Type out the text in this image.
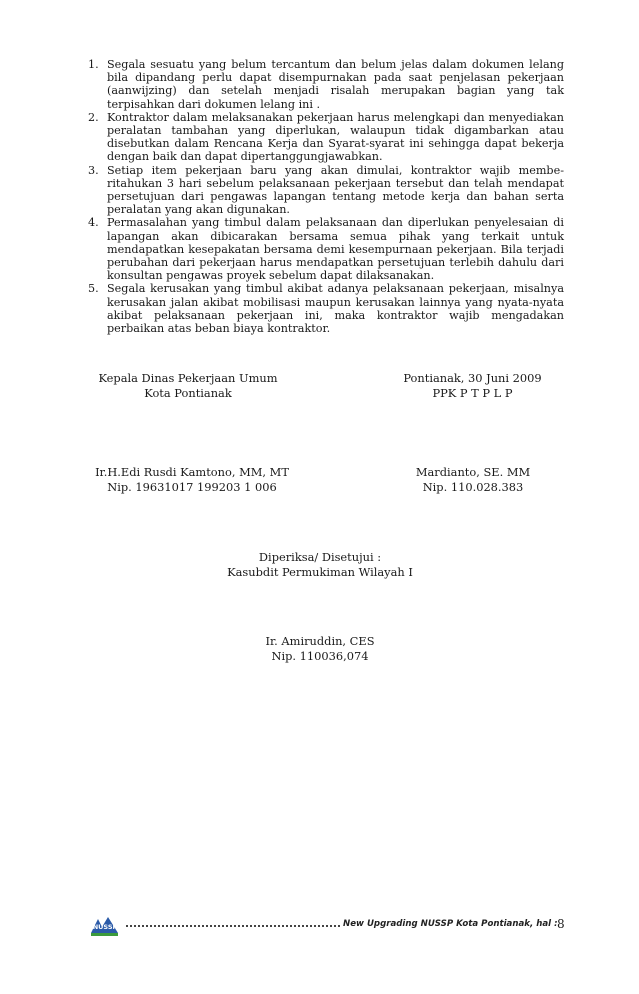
1. Segala sesuatu yang belum tercantum dan belum jelas dalam dokumen lelang bila dipandang perlu dapat disempurnakan pada saat penjelasan pekerjaan (aanwijzing) dan setelah menjadi risalah merupakan bagian yang tak terpisahkan dari dokumen lelang ini .
2. Kontraktor dalam melaksanakan pekerjaan harus melengkapi dan menyediakan peralatan tambahan yang diperlukan, walaupun tidak digambarkan atau disebutkan dalam Rencana Kerja dan Syarat-syarat ini sehingga dapat bekerja dengan baik dan dapat dipertanggungjawabkan.
3. Setiap item pekerjaan baru yang akan dimulai, kontraktor wajib membe-ritahukan 3 hari sebelum pelaksanaan pekerjaan tersebut dan telah mendapat persetujuan dari pengawas lapangan tentang metode kerja dan bahan serta peralatan yang akan digunakan.
4. Permasalahan yang timbul dalam pelaksanaan dan diperlukan penyelesaian di lapangan akan dibicarakan bersama semua pihak yang terkait untuk mendapatkan kesepakatan bersama demi kesempurnaan pekerjaan. Bila terjadi perubahan dari pekerjaan harus mendapatkan persetujuan terlebih dahulu dari konsultan pengawas proyek sebelum dapat dilaksanakan.
5. Segala kerusakan yang timbul akibat adanya pelaksanaan pekerjaan, misalnya kerusakan jalan akibat mobilisasi maupun kerusakan lainnya yang nyata-nyata akibat pelaksanaan pekerjaan ini, maka kontraktor wajib mengadakan perbaikan atas beban biaya kontraktor.
Kepala Dinas Pekerjaan Umum
Kota Pontianak
Pontianak, 30 Juni 2009
PPK P T P L P
Ir.H.Edi Rusdi Kamtono, MM, MT
Nip. 19631017 199203 1 006
Mardianto, SE. MM
Nip. 110.028.383
Diperiksa/ Disetujui :
Kasubdit Permukiman Wilayah I
Ir. Amiruddin, CES
Nip. 110036,074
NUSSP	New Upgrading NUSSP Kota Pontianak, hal : 8
